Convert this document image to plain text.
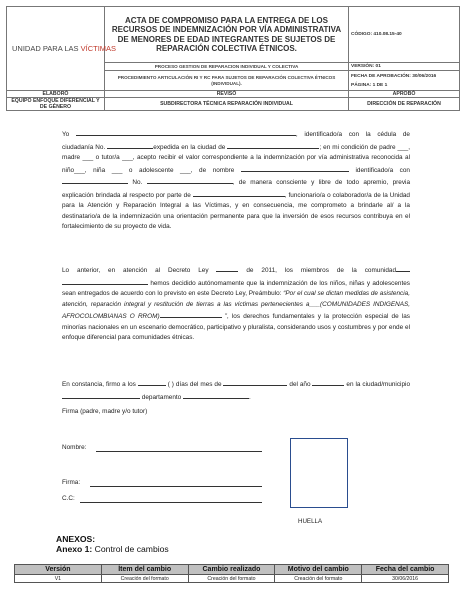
UNIDAD PARA LAS VÍCTIMAS	ACTA DE COMPROMISO PARA LA ENTREGA DE LOS RECURSOS DE INDEMNIZACIÓN POR VÍA ADMINISTRATIVA DE MENORES DE EDAD INTEGRANTES DE SUJETOS DE REPARACIÓN COLECTIVA ÉTNICOS.	CÓDIGO: 410.08.15-40
	PROCESO GESTION DE REPARACION INDIVIDUAL Y COLECTIVA	VERSIÓN: 01
	PROCEDIMIENTO ARTICULACIÓN RI Y RC PARA SUJETOS DE REPARACIÓN COLECTIVA ÉTNICOS (INDIVIDUAL).	FECHA DE APROBACIÓN: 30/06/2016
PÁGINA: 1 DE 1

ELABORÓ	REVISÓ	APROBÓ
EQUIPO ENFOQUE DIFERENCIAL Y DE GÉNERO	SUBDIRECTORA TÉCNICA REPARACIÓN INDIVIDUAL	DIRECCIÓN DE REPARACIÓN
Yo	, identificado/a con la cédula de ciudadanía No.	expedida en la ciudad de	; en mi condición de padre ___, madre ___ o tutor/a ___, acepto recibir el valor correspondiente a la indemnización por vía administrativa reconocida al niño___, niña ___ o adolescente ___, de nombre	identificado/a con  No.	, de manera consciente y libre de todo apremio, previa explicación brindada al respecto por parte de	, funcionario/a o colaborador/a de la Unidad para la Atención y Reparación Integral a las Víctimas, y en consecuencia, me comprometo a brindarle al/ a la destinatario/a de la indemnización una orientación permanente para que la inversión de esos recursos contribuya en el fortalecimiento de su proyecto de vida.
Lo anterior, en atención al Decreto Ley	de 2011, los miembros de la comunidad hemos decidido autónomamente que la indemnización de los niños, niñas y adolescentes sean entregados de acuerdo con lo previsto en este Decreto Ley, Preámbulo: “Por el cual se dictan medidas de asistencia, atención, reparación integral y restitución de tierras a las víctimas pertenecientes a___(COMUNIDADES INDIGENAS, AFROCOLOMBIANAS O RROM)	”, los derechos fundamentales y la protección especial de las minorías nacionales en un escenario democrático, participativo y pluralista, considerando usos y costumbres y por ende el enfoque diferencial para comunidades étnicas.
En constancia, firmo a los	( ) días del mes de	del año	en la ciudad/municipio  departamento	.
Firma (padre, madre y/o tutor)
Nombre:
Firma:
C.C:
HUELLA
ANEXOS:
Anexo 1: Control de cambios
Versión	Ítem del cambio	Cambio realizado	Motivo del cambio	Fecha del cambio
V1	Creación del formato	Creación del formato	Creación del formato	30/06/2016
